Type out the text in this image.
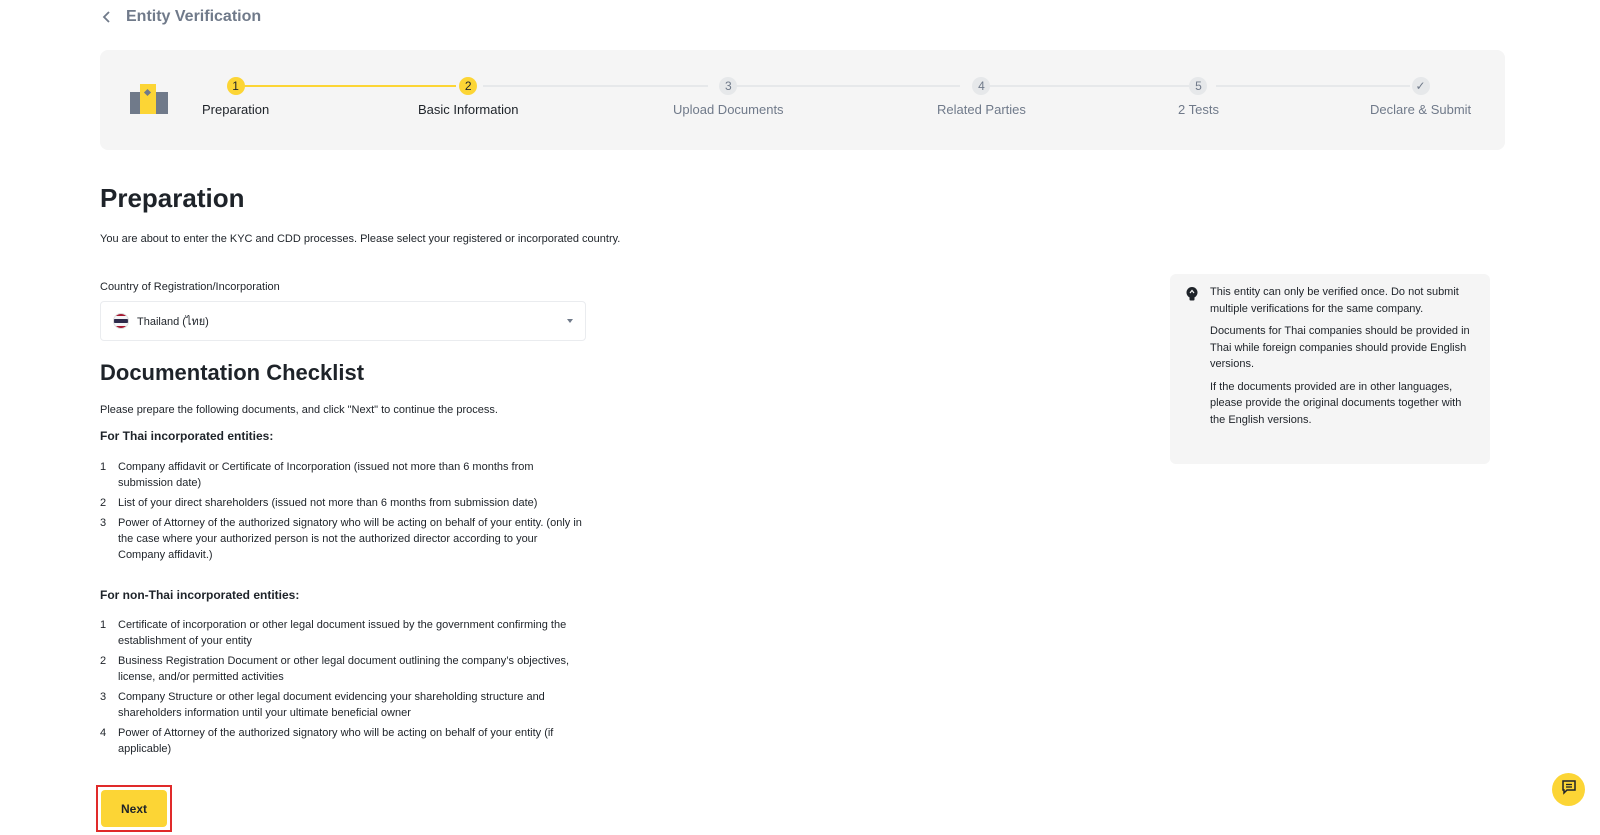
Entity Verification
1
Preparation
2
Basic Information
3
Upload Documents
4
Related Parties
5
2 Tests
✓
Declare & Submit
Preparation
You are about to enter the KYC and CDD processes. Please select your registered or incorporated country.
Country of Registration/Incorporation
Thailand (ไทย)
Documentation Checklist
Please prepare the following documents, and click "Next" to continue the process.
For Thai incorporated entities:
1	Company affidavit or Certificate of Incorporation (issued not more than 6 months from submission date)
2	List of your direct shareholders (issued not more than 6 months from submission date)
3	Power of Attorney of the authorized signatory who will be acting on behalf of your entity. (only in the case where your authorized person is not the authorized director according to your Company affidavit.)
For non-Thai incorporated entities:
1	Certificate of incorporation or other legal document issued by the government confirming the establishment of your entity
2	Business Registration Document or other legal document outlining the company’s objectives, license, and/or permitted activities
3	Company Structure or other legal document evidencing your shareholding structure and shareholders information until your ultimate beneficial owner
4	Power of Attorney of the authorized signatory who will be acting on behalf of your entity (if applicable)

This entity can only be verified once. Do not submit multiple verifications for the same company.

Documents for Thai companies should be provided in Thai while foreign companies should provide English versions.

If the documents provided are in other languages, please provide the original documents together with the English versions.

Next
